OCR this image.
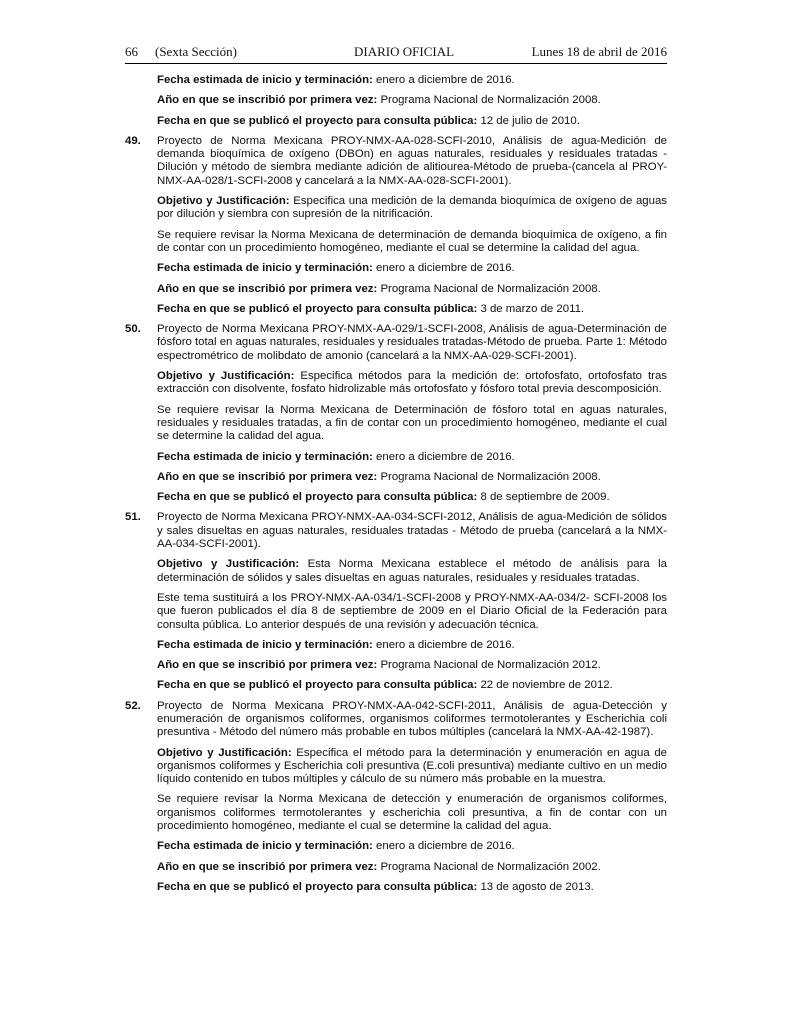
66 (Sexta Sección)	DIARIO OFICIAL	Lunes 18 de abril de 2016
Fecha estimada de inicio y terminación: enero a diciembre de 2016.
Año en que se inscribió por primera vez: Programa Nacional de Normalización 2008.
Fecha en que se publicó el proyecto para consulta pública: 12 de julio de 2010.
49. Proyecto de Norma Mexicana PROY-NMX-AA-028-SCFI-2010, Análisis de agua-Medición de demanda bioquímica de oxígeno (DBOn) en aguas naturales, residuales y residuales tratadas - Dilución y método de siembra mediante adición de alitiourea-Método de prueba-(cancela al PROY-NMX-AA-028/1-SCFI-2008 y cancelará a la NMX-AA-028-SCFI-2001).
Objetivo y Justificación: Especifica una medición de la demanda bioquímica de oxígeno de aguas por dilución y siembra con supresión de la nitrificación.
Se requiere revisar la Norma Mexicana de determinación de demanda bioquímica de oxígeno, a fin de contar con un procedimiento homogéneo, mediante el cual se determine la calidad del agua.
Fecha estimada de inicio y terminación: enero a diciembre de 2016.
Año en que se inscribió por primera vez: Programa Nacional de Normalización 2008.
Fecha en que se publicó el proyecto para consulta pública: 3 de marzo de 2011.
50. Proyecto de Norma Mexicana PROY-NMX-AA-029/1-SCFI-2008, Análisis de agua-Determinación de fósforo total en aguas naturales, residuales y residuales tratadas-Método de prueba. Parte 1: Método espectrométrico de molibdato de amonio (cancelará a la NMX-AA-029-SCFI-2001).
Objetivo y Justificación: Especifica métodos para la medición de: ortofosfato, ortofosfato tras extracción con disolvente, fosfato hidrolizable más ortofosfato y fósforo total previa descomposición.
Se requiere revisar la Norma Mexicana de Determinación de fósforo total en aguas naturales, residuales y residuales tratadas, a fin de contar con un procedimiento homogéneo, mediante el cual se determine la calidad del agua.
Fecha estimada de inicio y terminación: enero a diciembre de 2016.
Año en que se inscribió por primera vez: Programa Nacional de Normalización 2008.
Fecha en que se publicó el proyecto para consulta pública: 8 de septiembre de 2009.
51. Proyecto de Norma Mexicana PROY-NMX-AA-034-SCFI-2012, Análisis de agua-Medición de sólidos y sales disueltas en aguas naturales, residuales tratadas - Método de prueba (cancelará a la NMX-AA-034-SCFI-2001).
Objetivo y Justificación: Esta Norma Mexicana establece el método de análisis para la determinación de sólidos y sales disueltas en aguas naturales, residuales y residuales tratadas.
Este tema sustituirá a los PROY-NMX-AA-034/1-SCFI-2008 y PROY-NMX-AA-034/2- SCFI-2008 los que fueron publicados el día 8 de septiembre de 2009 en el Diario Oficial de la Federación para consulta pública. Lo anterior después de una revisión y adecuación técnica.
Fecha estimada de inicio y terminación: enero a diciembre de 2016.
Año en que se inscribió por primera vez: Programa Nacional de Normalización 2012.
Fecha en que se publicó el proyecto para consulta pública: 22 de noviembre de 2012.
52. Proyecto de Norma Mexicana PROY-NMX-AA-042-SCFI-2011, Análisis de agua-Detección y enumeración de organismos coliformes, organismos coliformes termotolerantes y Escherichia coli presuntiva - Método del número más probable en tubos múltiples (cancelará la NMX-AA-42-1987).
Objetivo y Justificación: Especifica el método para la determinación y enumeración en agua de organismos coliformes y Escherichia coli presuntiva (E.coli presuntiva) mediante cultivo en un medio líquido contenido en tubos múltiples y cálculo de su número más probable en la muestra.
Se requiere revisar la Norma Mexicana de detección y enumeración de organismos coliformes, organismos coliformes termotolerantes y escherichia coli presuntiva, a fin de contar con un procedimiento homogéneo, mediante el cual se determine la calidad del agua.
Fecha estimada de inicio y terminación: enero a diciembre de 2016.
Año en que se inscribió por primera vez: Programa Nacional de Normalización 2002.
Fecha en que se publicó el proyecto para consulta pública: 13 de agosto de 2013.
